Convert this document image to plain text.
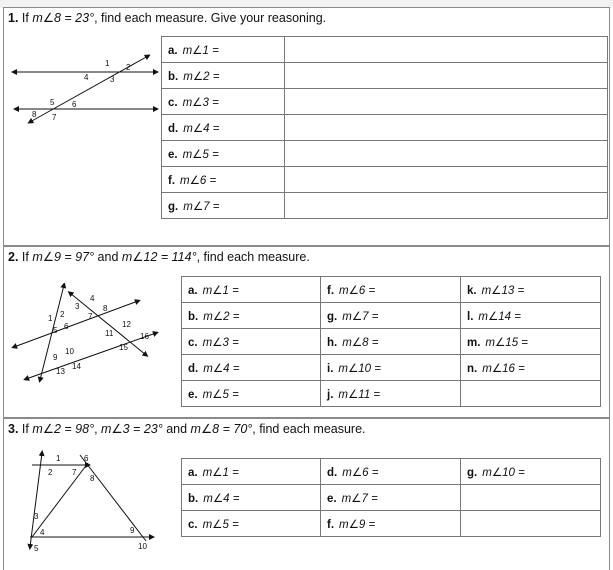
1. If m∠8 = 23°, find each measure. Give your reasoning.
1 2
3
4
5 6
7
8
a. m∠1 =	
b. m∠2 =	
c. m∠3 =	
d. m∠4 =	
e. m∠5 =	
f. m∠6 =	
g. m∠7 =	
2. If m∠9 = 97° and m∠12 = 114°, find each measure.
1 2
3
4
5 6
7
8
9
10
11
12
13
14
15
16
a. m∠1 =	f. m∠6 =	k. m∠13 =
b. m∠2 =	g. m∠7 =	l. m∠14 =
c. m∠3 =	h. m∠8 =	m. m∠15 =
d. m∠4 =	i. m∠10 =	n. m∠16 =
e. m∠5 =	j. m∠11 =	
3. If m∠2 = 98°, m∠3 = 23° and m∠8 = 70°, find each measure.
1
2
3
4
5
6
7
8
9
10
a. m∠1 =	d. m∠6 =	g. m∠10 =
b. m∠4 =	e. m∠7 =	
c. m∠5 =	f. m∠9 =	
